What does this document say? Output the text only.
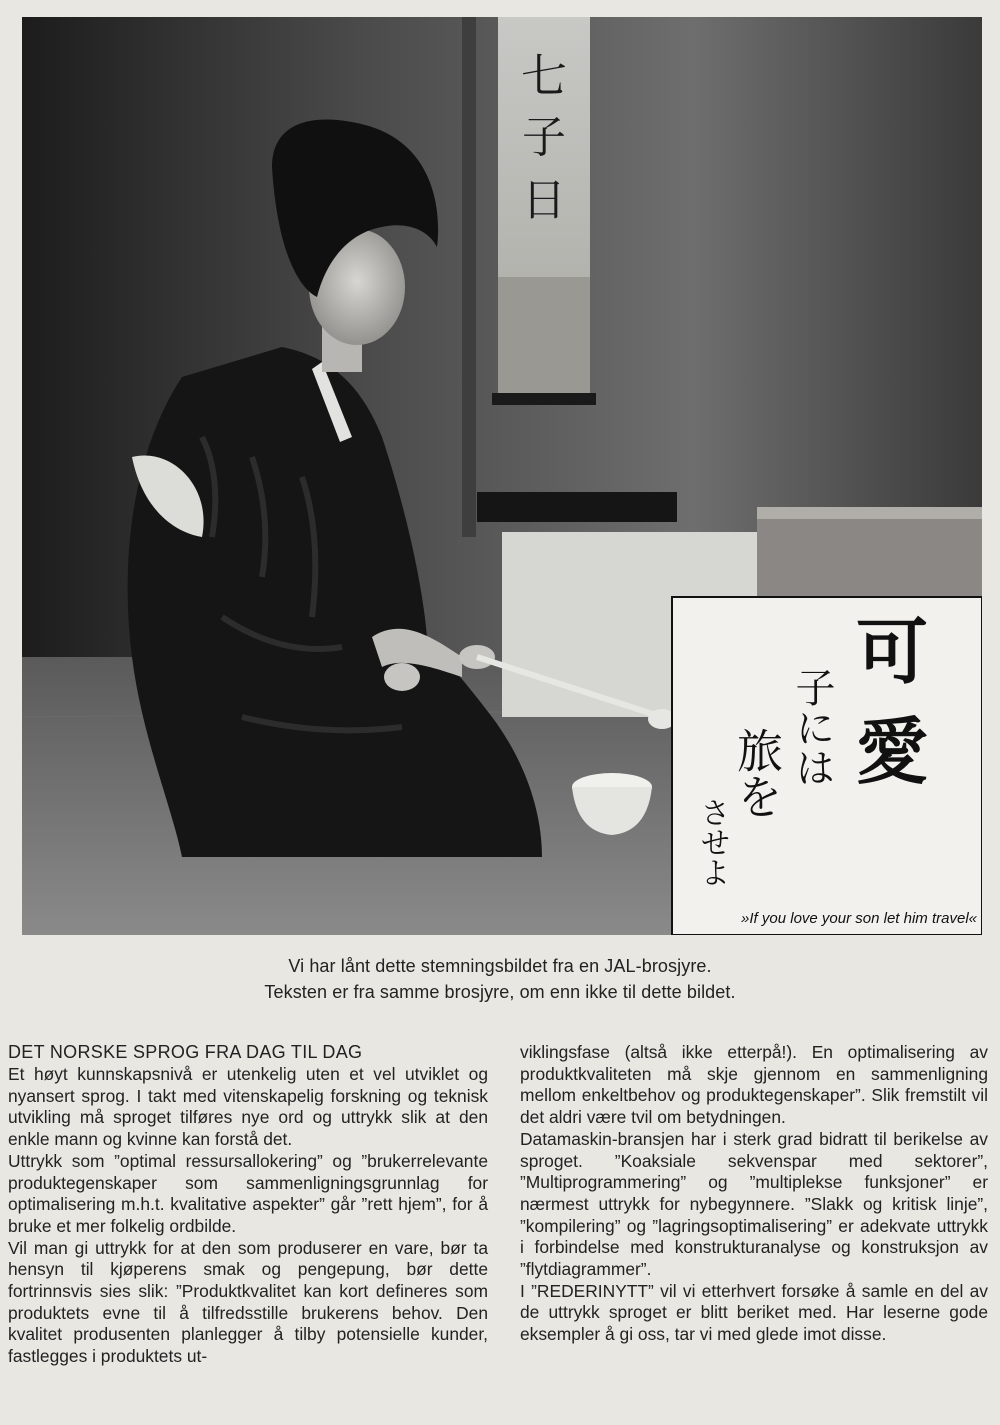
七
子
日
可
愛
子には
旅を
させよ
»If you love your son let him travel«
Vi har lånt dette stemningsbildet fra en JAL-brosjyre.
Teksten er fra samme brosjyre, om enn ikke til dette bildet.
DET NORSKE SPROG FRA DAG TIL DAG

Et høyt kunnskapsnivå er utenkelig uten et vel utviklet og nyansert sprog. I takt med vitenskapelig forskning og teknisk utvikling må sproget tilføres nye ord og uttrykk slik at den enkle mann og kvinne kan forstå det.

Uttrykk som ”optimal ressursallokering” og ”brukerrelevante produktegenskaper som sammenligningsgrunnlag for optimalisering m.h.t. kvalitative aspekter” går ”rett hjem”, for å bruke et mer folkelig ordbilde.

Vil man gi uttrykk for at den som produserer en vare, bør ta hensyn til kjøperens smak og pengepung, bør dette fortrinnsvis sies slik: ”Produktkvalitet kan kort defineres som produktets evne til å tilfredsstille brukerens behov. Den kvalitet produsenten planlegger å tilby potensielle kunder, fastlegges i produktets ut-

viklingsfase (altså ikke etterpå!). En optimalisering av produktkvaliteten må skje gjennom en sammenligning mellom enkeltbehov og produktegenskaper”. Slik fremstilt vil det aldri være tvil om betydningen.

Datamaskin-bransjen har i sterk grad bidratt til berikelse av sproget. ”Koaksiale sekvenspar med sektorer”, ”Multiprogrammering” og ”multiplekse funksjoner” er nærmest uttrykk for nybegynnere. ”Slakk og kritisk linje”, ”kompilering” og ”lagringsoptimalisering” er adekvate uttrykk i forbindelse med konstrukturanalyse og konstruksjon av ”flytdiagrammer”.

I ”REDERINYTT” vil vi etterhvert forsøke å samle en del av de uttrykk sproget er blitt beriket med. Har leserne gode eksempler å gi oss, tar vi med glede imot disse.
